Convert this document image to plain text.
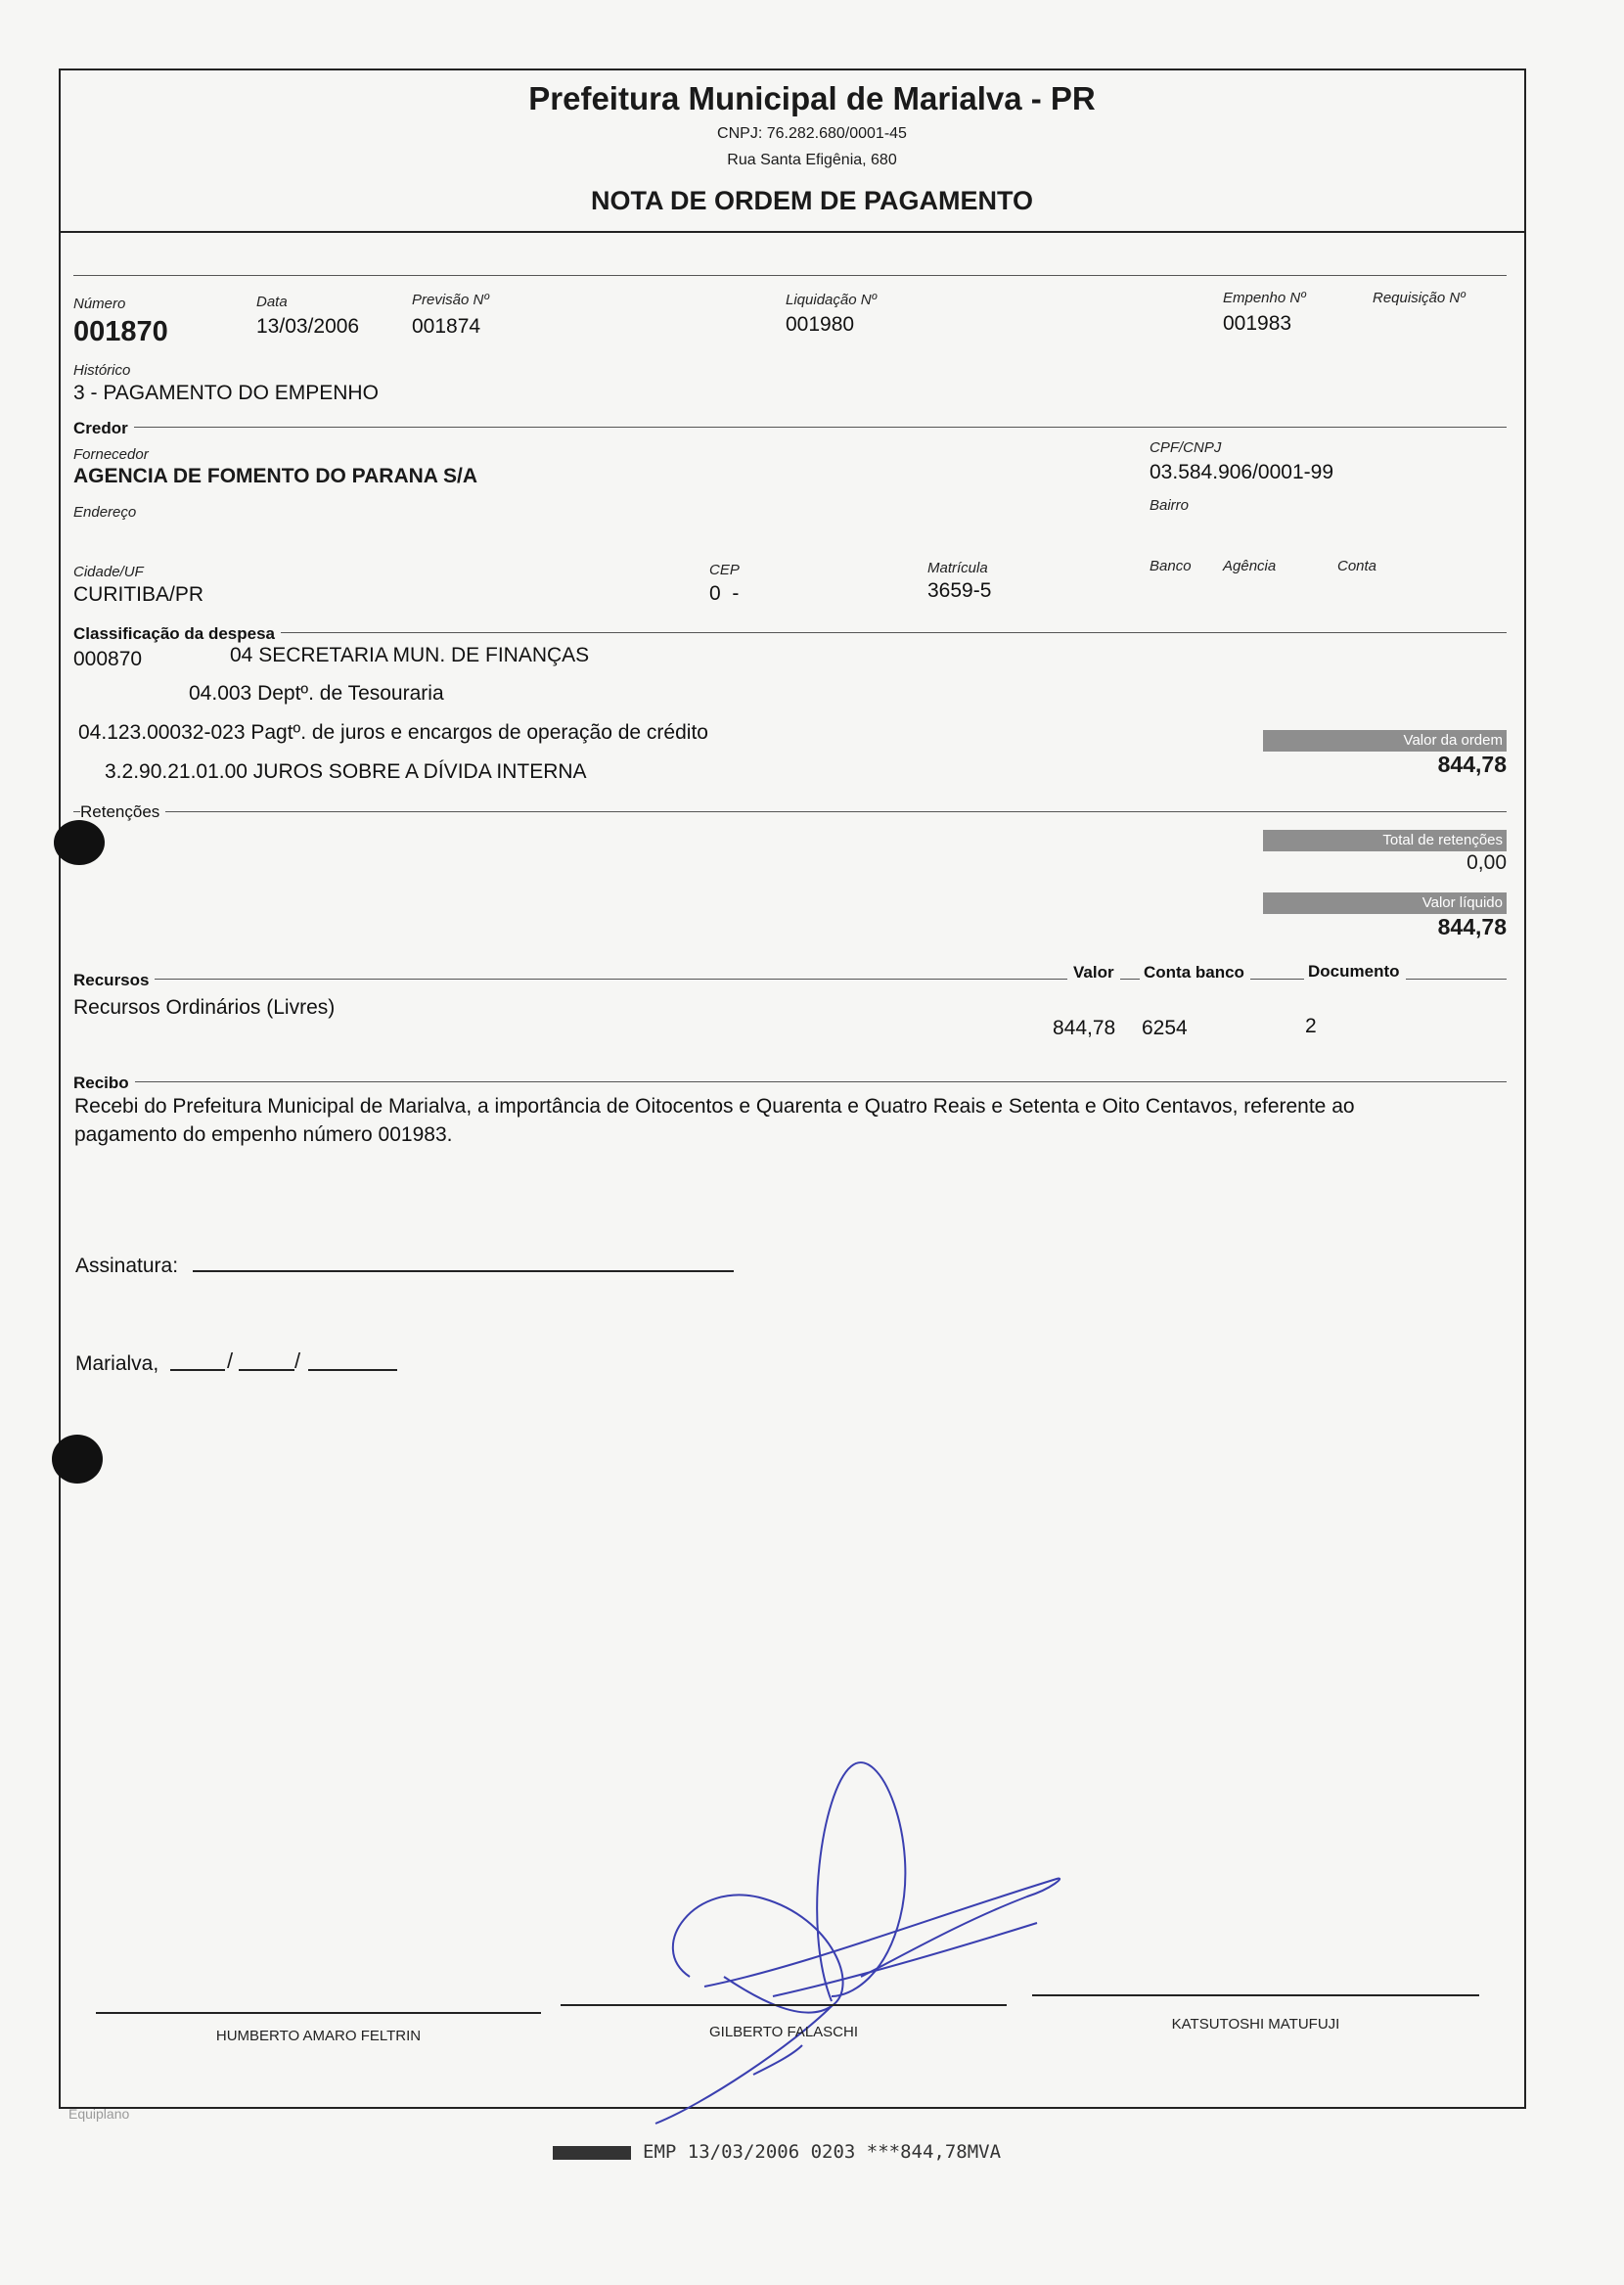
Prefeitura Municipal de Marialva - PR
CNPJ: 76.282.680/0001-45
Rua Santa Efigênia, 680
NOTA DE ORDEM DE PAGAMENTO
Número
001870
Data
13/03/2006
Previsão Nº
001874
Liquidação Nº
001980
Empenho Nº
001983
Requisição Nº
Histórico
3 - PAGAMENTO DO EMPENHO
Credor
Fornecedor
AGENCIA DE FOMENTO DO PARANA S/A
CPF/CNPJ
03.584.906/0001-99
Endereço	Bairro
Cidade/UF
CURITIBA/PR
CEP
0  -
Matrícula
3659-5
Banco Agência	Conta
Classificação da despesa
000870	04 SECRETARIA MUN. DE FINANÇAS
04.003 Deptº. de Tesouraria
04.123.00032-023 Pagtº. de juros e encargos de operação de crédito
3.2.90.21.01.00 JUROS SOBRE A DÍVIDA INTERNA
Valor da ordem
844,78
Retenções
Total de retenções
0,00
Valor líquido
844,78
Recursos	Valor	Conta banco	Documento
Recursos Ordinários (Livres)
844,78 6254	2
Recibo
Recebi do Prefeitura Municipal de Marialva, a importância de Oitocentos e Quarenta e Quatro Reais e Setenta e Oito Centavos, referente ao
pagamento do empenho número 001983.
Assinatura:
Marialva,	/	/
HUMBERTO AMARO FELTRIN	GILBERTO FALASCHI	KATSUTOSHI MATUFUJI
Equiplano
EMP 13/03/2006 0203 ***844,78MVA
